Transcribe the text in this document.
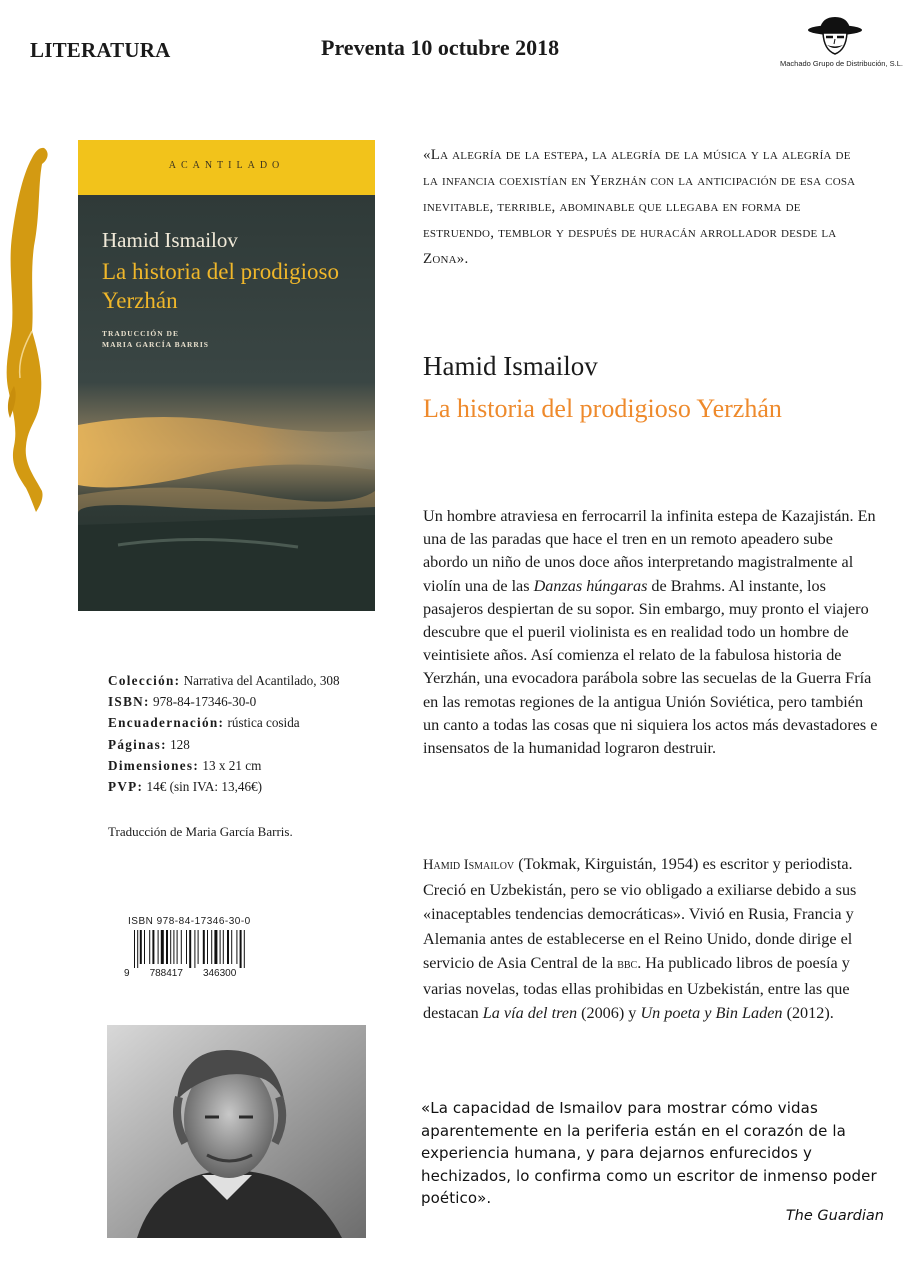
LITERATURA	Preventa 10 octubre 2018
Machado Grupo de Distribución, S.L.
ACANTILADO
Hamid Ismailov
La historia del prodigioso Yerzhán
TRADUCCIÓN DE
MARIA GARCÍA BARRIS
«La alegría de la estepa, la alegría de la música y la alegría de la infancia coexistían en Yerzhán con la anticipación de esa cosa inevitable, terrible, abominable que llegaba en forma de estruendo, temblor y después de huracán arrollador desde la Zona».
Hamid Ismailov
La historia del prodigioso Yerzhán
Un hombre atraviesa en ferrocarril la infinita estepa de Kazajistán. En una de las paradas que hace el tren en un remoto apeadero sube abordo un niño de unos doce años interpretando magistralmente al violín una de las Danzas húngaras de Brahms. Al instante, los pasajeros despiertan de su sopor. Sin embargo, muy pronto el viajero descubre que el pueril violinista es en realidad todo un hombre de veintisiete años. Así comienza el relato de la fabulosa historia de Yerzhán, una evocadora parábola sobre las secuelas de la Guerra Fría en las remotas regiones de la antigua Unión Soviética, pero también un canto a todas las cosas que ni siquiera los actos más devastadores e insensatos de la humanidad lograron destruir.
Colección: Narrativa del Acantilado, 308
ISBN: 978-84-17346-30-0
Encuadernación: rústica cosida
Páginas: 128
Dimensiones: 13 x 21 cm
PVP: 14€ (sin IVA: 13,46€)
Traducción de Maria García Barris.
ISBN 978-84-17346-30-0
9 788417 346300
Hamid Ismailov (Tokmak, Kirguistán, 1954) es escritor y periodista. Creció en Uzbekistán, pero se vio obligado a exiliarse debido a sus «inaceptables tendencias democráticas». Vivió en Rusia, Francia y Alemania antes de establecerse en el Reino Unido, donde dirige el servicio de Asia Central de la bbc. Ha publicado libros de poesía y varias novelas, todas ellas prohibidas en Uzbekistán, entre las que destacan La vía del tren (2006) y Un poeta y Bin Laden (2012).
«La capacidad de Ismailov para mostrar cómo vidas aparentemente en la periferia están en el corazón de la experiencia humana, y para dejarnos enfurecidos y hechizados, lo confirma como un escritor de inmenso poder poético».
The Guardian
